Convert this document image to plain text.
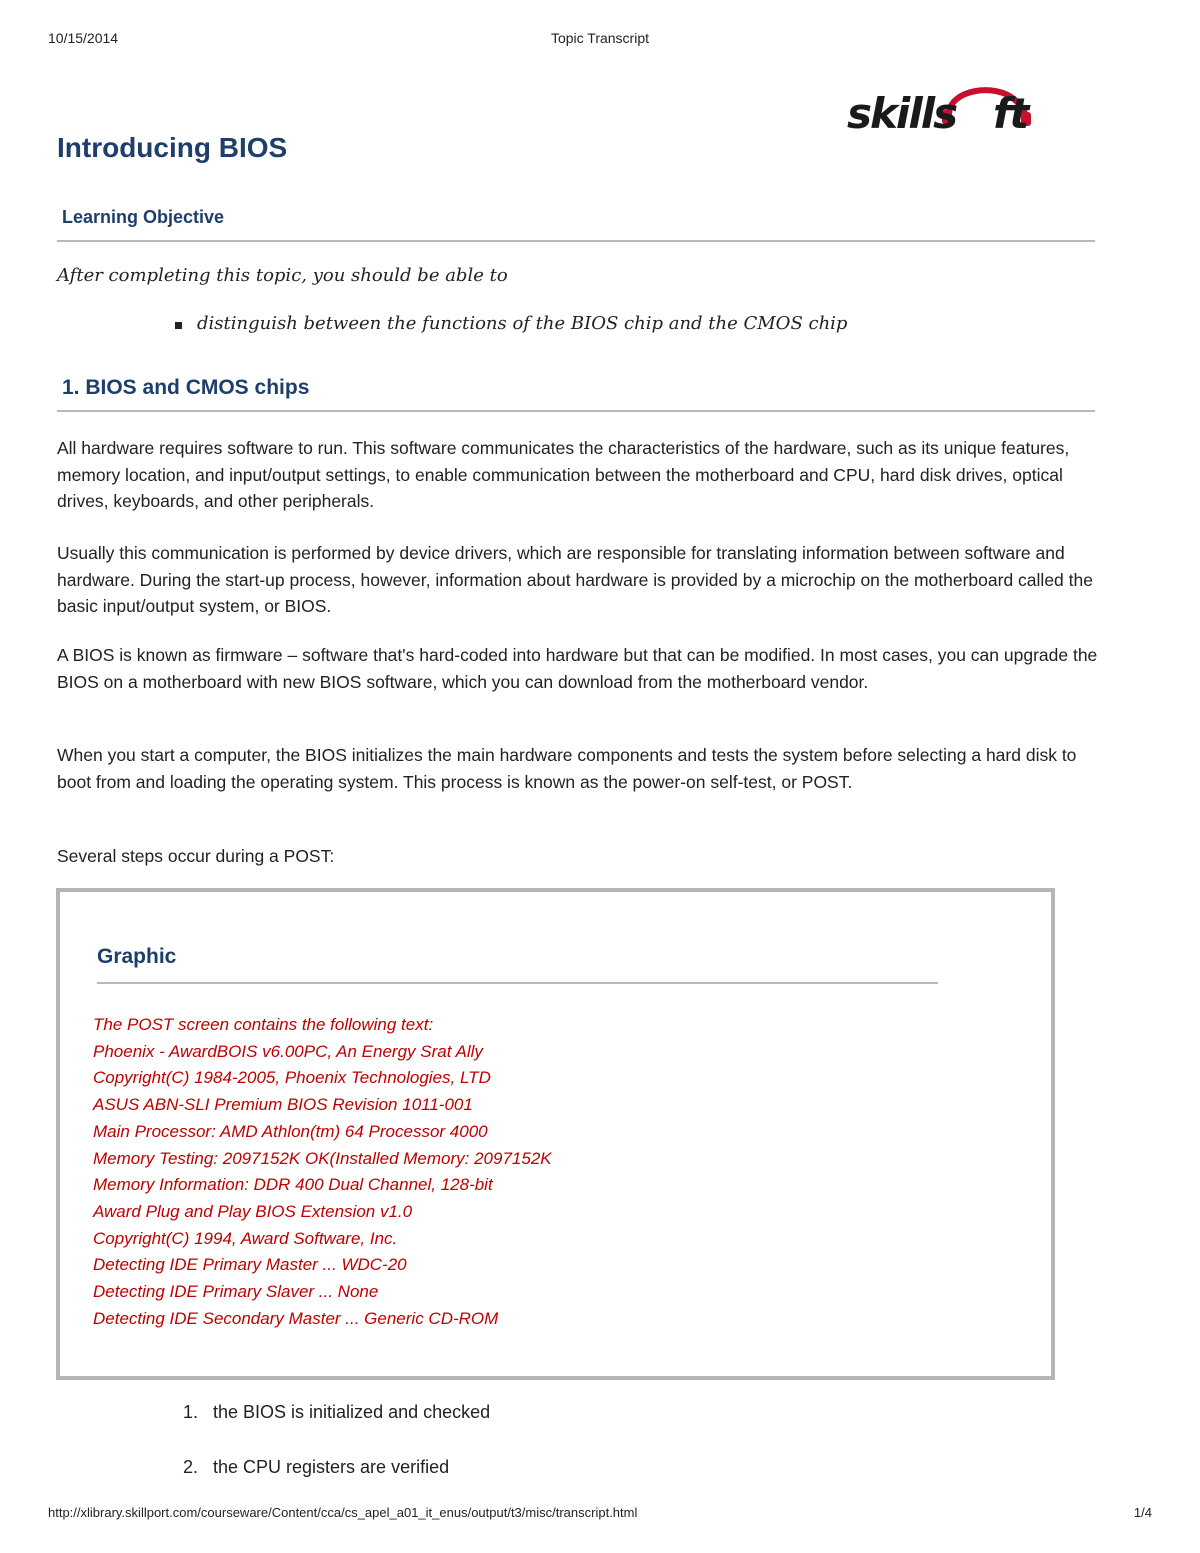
10/15/2014	Topic Transcript
skills ft
Introducing BIOS
Learning Objective

After completing this topic, you should be able to

distinguish between the functions of the BIOS chip and the CMOS chip
1. BIOS and CMOS chips

All hardware requires software to run. This software communicates the characteristics of the hardware, such as its unique features, memory location, and input/output settings, to enable communication between the motherboard and CPU, hard disk drives, optical drives, keyboards, and other peripherals.

Usually this communication is performed by device drivers, which are responsible for translating information between software and hardware. During the start-up process, however, information about hardware is provided by a microchip on the motherboard called the basic input/output system, or BIOS.

A BIOS is known as firmware – software that's hard-coded into hardware but that can be modified. In most cases, you can upgrade the BIOS on a motherboard with new BIOS software, which you can download from the motherboard vendor.

When you start a computer, the BIOS initializes the main hardware components and tests the system before selecting a hard disk to boot from and loading the operating system. This process is known as the power-on self-test, or POST.

Several steps occur during a POST:

Graphic
The POST screen contains the following text:
Phoenix - AwardBOIS v6.00PC, An Energy Srat Ally
Copyright(C) 1984-2005, Phoenix Technologies, LTD
ASUS ABN-SLI Premium BIOS Revision 1011-001
Main Processor: AMD Athlon(tm) 64 Processor 4000
Memory Testing: 2097152K OK(Installed Memory: 2097152K
Memory Information: DDR 400 Dual Channel, 128-bit
Award Plug and Play BIOS Extension v1.0
Copyright(C) 1994, Award Software, Inc.
Detecting IDE Primary Master ... WDC-20
Detecting IDE Primary Slaver ... None
Detecting IDE Secondary Master ... Generic CD-ROM
1. the BIOS is initialized and checked
2. the CPU registers are verified
http://xlibrary.skillport.com/courseware/Content/cca/cs_apel_a01_it_enus/output/t3/misc/transcript.html	1/4
